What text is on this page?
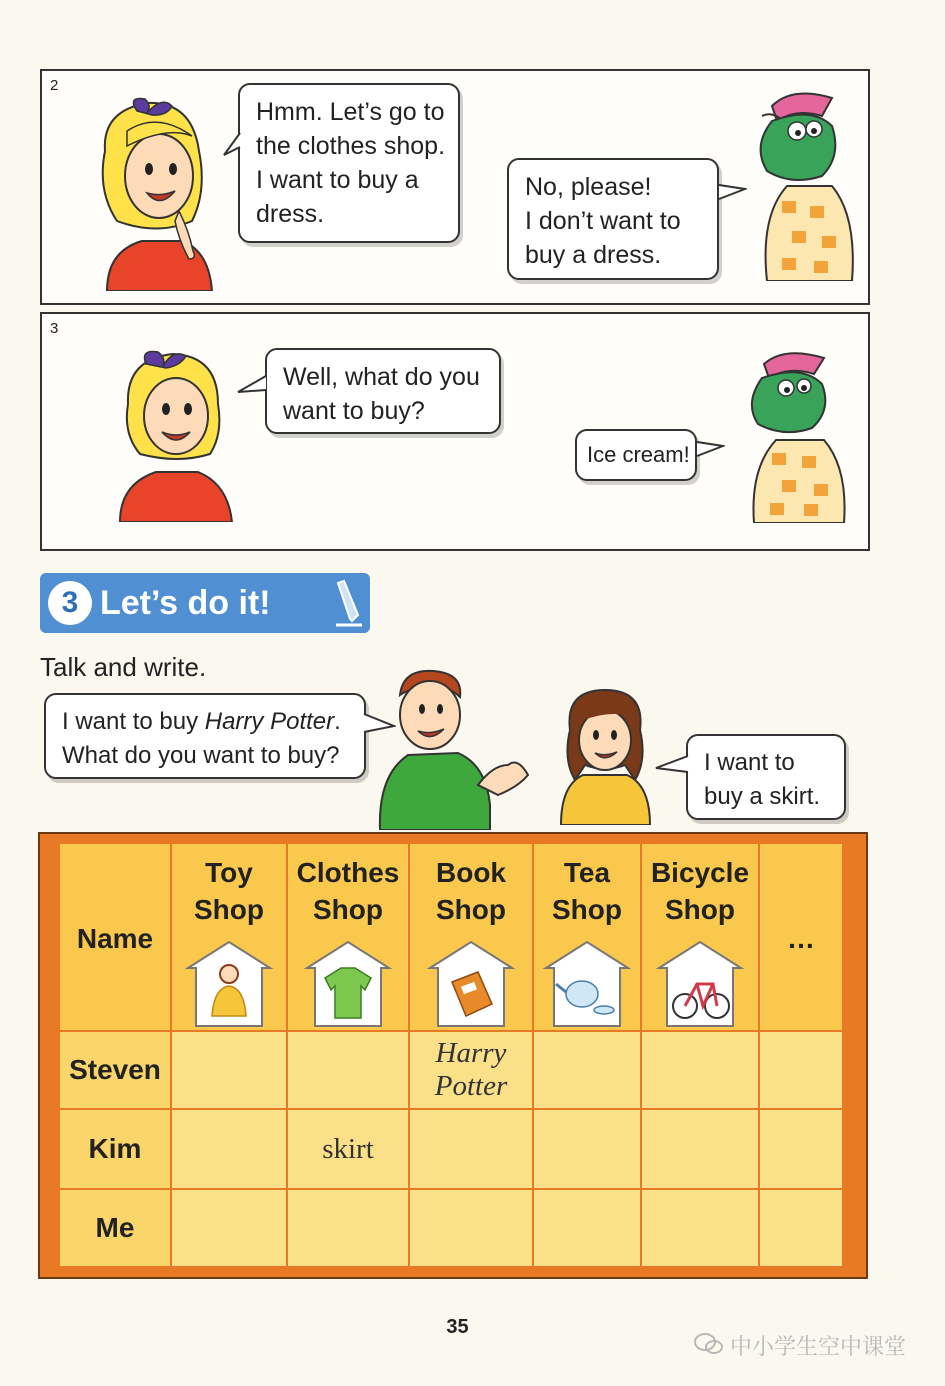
2
Hmm. Let’s go to
the clothes shop.
I want to buy a
dress.
No, please!
I don’t want to
buy a dress.
3
Well, what do you
want to buy?
Ice cream!
3 Let’s do it!
Talk and write.
I want to buy Harry Potter.
What do you want to buy?	I want to
buy a skirt.
Name
Toy
Shop
Clothes
Shop
Book
Shop
Tea
Shop
Bicycle
Shop
…
Steven
Harry
Potter
Kim	skirt
Me
35
中小学生空中课堂
